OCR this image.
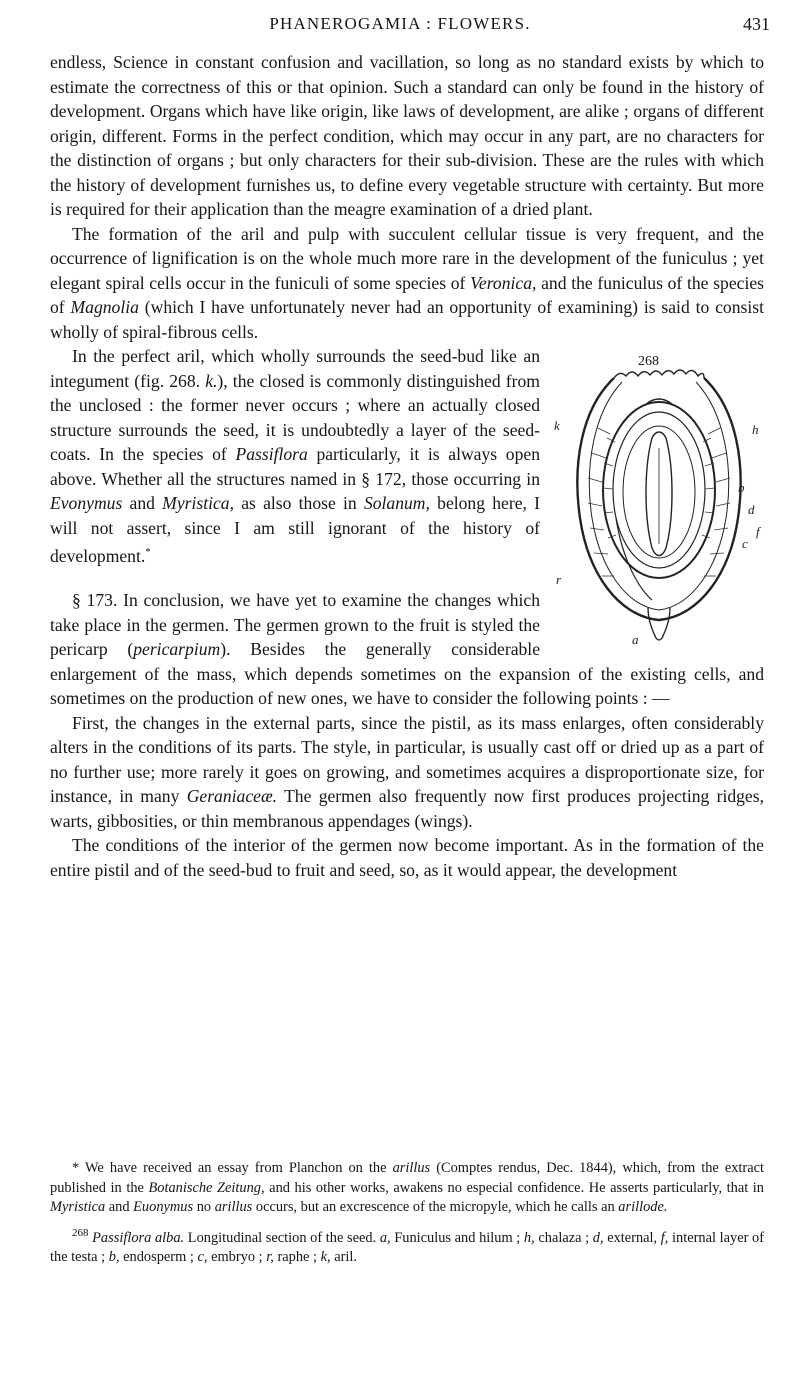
PHANEROGAMIA : FLOWERS.	431

endless, Science in constant confusion and vacillation, so long as no standard exists by which to estimate the correctness of this or that opinion. Such a standard can only be found in the history of development. Organs which have like origin, like laws of development, are alike ; organs of different origin, different. Forms in the perfect condition, which may occur in any part, are no characters for the distinction of organs ; but only characters for their sub-division. These are the rules with which the history of development furnishes us, to define every vegetable structure with certainty. But more is required for their application than the meagre examination of a dried plant.

The formation of the aril and pulp with succulent cellular tissue is very frequent, and the occurrence of lignification is on the whole much more rare in the development of the funiculus ; yet elegant spiral cells occur in the funiculi of some species of Veronica, and the funiculus of the species of Magnolia (which I have unfortunately never had an opportunity of examining) is said to consist wholly of spiral-fibrous cells.

268
k	h
d
f
c
b
r
a

In the perfect aril, which wholly surrounds the seed-bud like an integument (fig. 268. k.), the closed is commonly distinguished from the unclosed : the former never occurs ; where an actually closed structure surrounds the seed, it is undoubtedly a layer of the seed-coats. In the species of Passiflora particularly, it is always open above. Whether all the structures named in § 172, those occurring in Evonymus and Myristica, as also those in Solanum, belong here, I will not assert, since I am still ignorant of the history of development.*

§ 173. In conclusion, we have yet to examine the changes which take place in the germen. The germen grown to the fruit is styled the pericarp (pericarpium). Besides the generally considerable enlargement of the mass, which depends sometimes on the expansion of the existing cells, and sometimes on the production of new ones, we have to consider the following points : —

First, the changes in the external parts, since the pistil, as its mass enlarges, often considerably alters in the conditions of its parts. The style, in particular, is usually cast off or dried up as a part of no further use; more rarely it goes on growing, and sometimes acquires a disproportionate size, for instance, in many Geraniaceæ. The germen also frequently now first produces projecting ridges, warts, gibbosities, or thin membranous appendages (wings).

The conditions of the interior of the germen now become important. As in the formation of the entire pistil and of the seed-bud to fruit and seed, so, as it would appear, the development

* We have received an essay from Planchon on the arillus (Comptes rendus, Dec. 1844), which, from the extract published in the Botanische Zeitung, and his other works, awakens no especial confidence. He asserts particularly, that in Myristica and Euonymus no arillus occurs, but an excrescence of the micropyle, which he calls an arillode.

$^{268}$ Passiflora alba. Longitudinal section of the seed. a, Funiculus and hilum ; h, chalaza ; d, external, f, internal layer of the testa ; b, endosperm ; c, embryo ; r, raphe ; k, aril.
